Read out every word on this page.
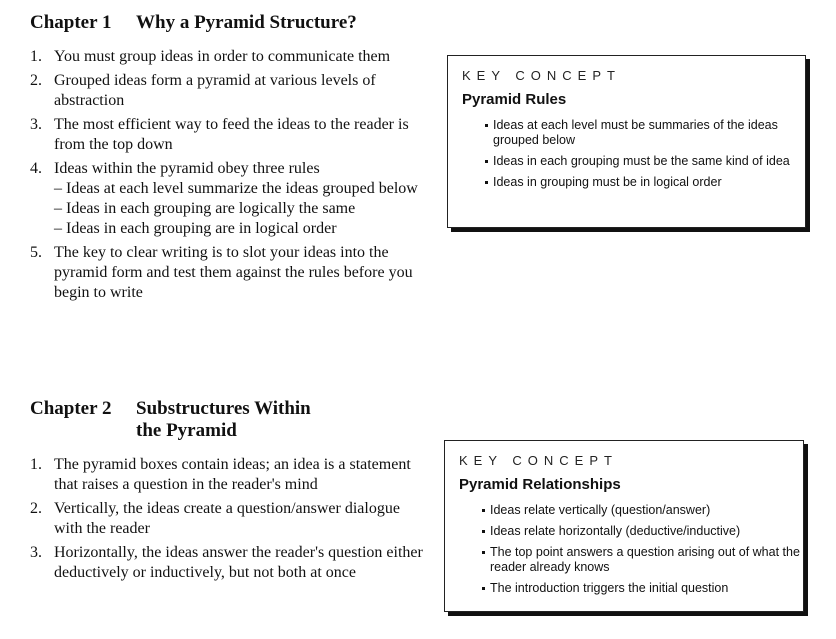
Chapter 1	Why a Pyramid Structure?
1. You must group ideas in order to communicate them
2. Grouped ideas form a pyramid at various levels of abstraction
3. The most efficient way to feed the ideas to the reader is from the top down
4. Ideas within the pyramid obey three rules
– Ideas at each level summarize the ideas grouped below
– Ideas in each grouping are logically the same
– Ideas in each grouping are in logical order
5. The key to clear writing is to slot your ideas into the pyramid form and test them against the rules before you begin to write
Chapter 2	Substructures Within the Pyramid
1. The pyramid boxes contain ideas; an idea is a statement that raises a question in the reader's mind
2. Vertically, the ideas create a question/answer dialogue with the reader
3. Horizontally, the ideas answer the reader's question either deductively or inductively, but not both at once
KEY CONCEPT
Pyramid Rules
Ideas at each level must be summaries of the ideas grouped below
Ideas in each grouping must be the same kind of idea
Ideas in grouping must be in logical order
KEY CONCEPT
Pyramid Relationships
Ideas relate vertically (question/answer)
Ideas relate horizontally (deductive/inductive)
The top point answers a question arising out of what the reader already knows
The introduction triggers the initial question
